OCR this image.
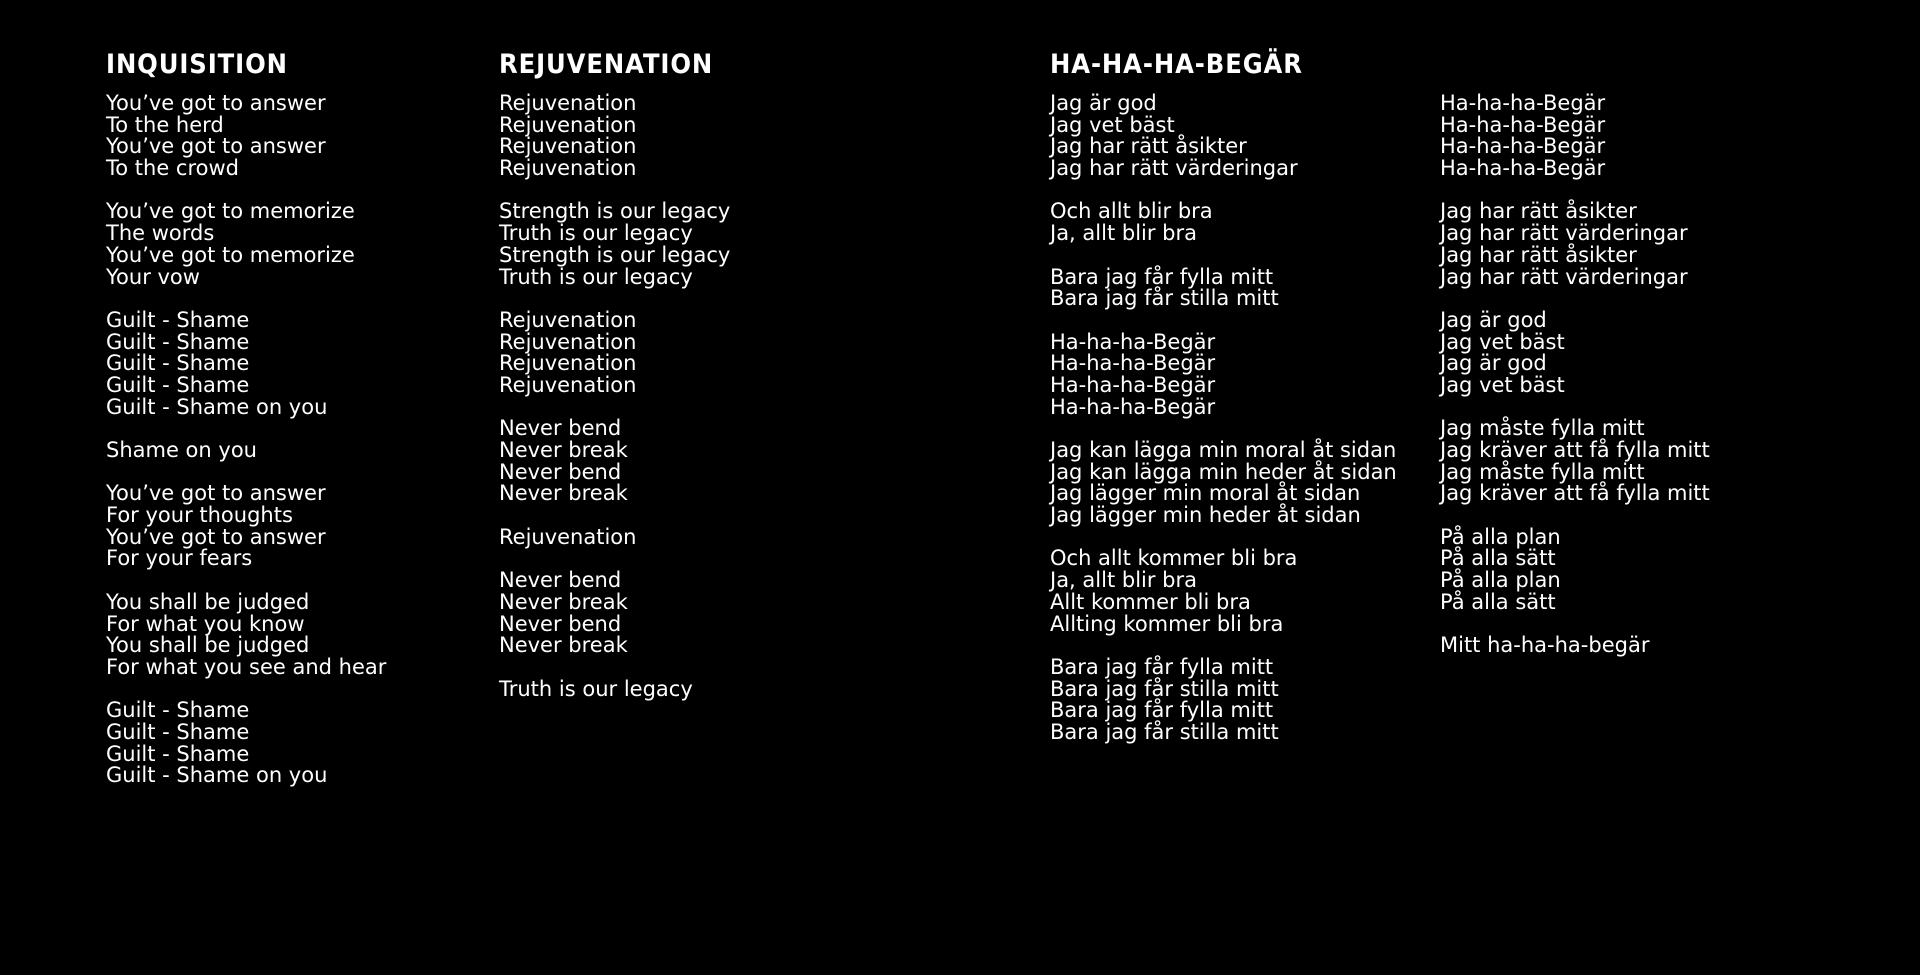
INQUISITION
You’ve got to answer
To the herd
You’ve got to answer
To the crowd
You’ve got to memorize
The words
You’ve got to memorize
Your vow
Guilt - Shame
Guilt - Shame
Guilt - Shame
Guilt - Shame
Guilt - Shame on you
Shame on you
You’ve got to answer
For your thoughts
You’ve got to answer
For your fears
You shall be judged
For what you know
You shall be judged
For what you see and hear
Guilt - Shame
Guilt - Shame
Guilt - Shame
Guilt - Shame on you
REJUVENATION
Rejuvenation
Rejuvenation
Rejuvenation
Rejuvenation
Strength is our legacy
Truth is our legacy
Strength is our legacy
Truth is our legacy
Rejuvenation
Rejuvenation
Rejuvenation
Rejuvenation
Never bend
Never break
Never bend
Never break
Rejuvenation
Never bend
Never break
Never bend
Never break
Truth is our legacy
HA-HA-HA-BEGÄR
Jag är god
Jag vet bäst
Jag har rätt åsikter
Jag har rätt värderingar
Och allt blir bra
Ja, allt blir bra
Bara jag får fylla mitt
Bara jag får stilla mitt
Ha-ha-ha-Begär
Ha-ha-ha-Begär
Ha-ha-ha-Begär
Ha-ha-ha-Begär
Jag kan lägga min moral åt sidan
Jag kan lägga min heder åt sidan
Jag lägger min moral åt sidan
Jag lägger min heder åt sidan
Och allt kommer bli bra
Ja, allt blir bra
Allt kommer bli bra
Allting kommer bli bra
Bara jag får fylla mitt
Bara jag får stilla mitt
Bara jag får fylla mitt
Bara jag får stilla mitt
Ha-ha-ha-Begär
Ha-ha-ha-Begär
Ha-ha-ha-Begär
Ha-ha-ha-Begär
Jag har rätt åsikter
Jag har rätt värderingar
Jag har rätt åsikter
Jag har rätt värderingar
Jag är god
Jag vet bäst
Jag är god
Jag vet bäst
Jag måste fylla mitt
Jag kräver att få fylla mitt
Jag måste fylla mitt
Jag kräver att få fylla mitt
På alla plan
På alla sätt
På alla plan
På alla sätt
Mitt ha-ha-ha-begär
